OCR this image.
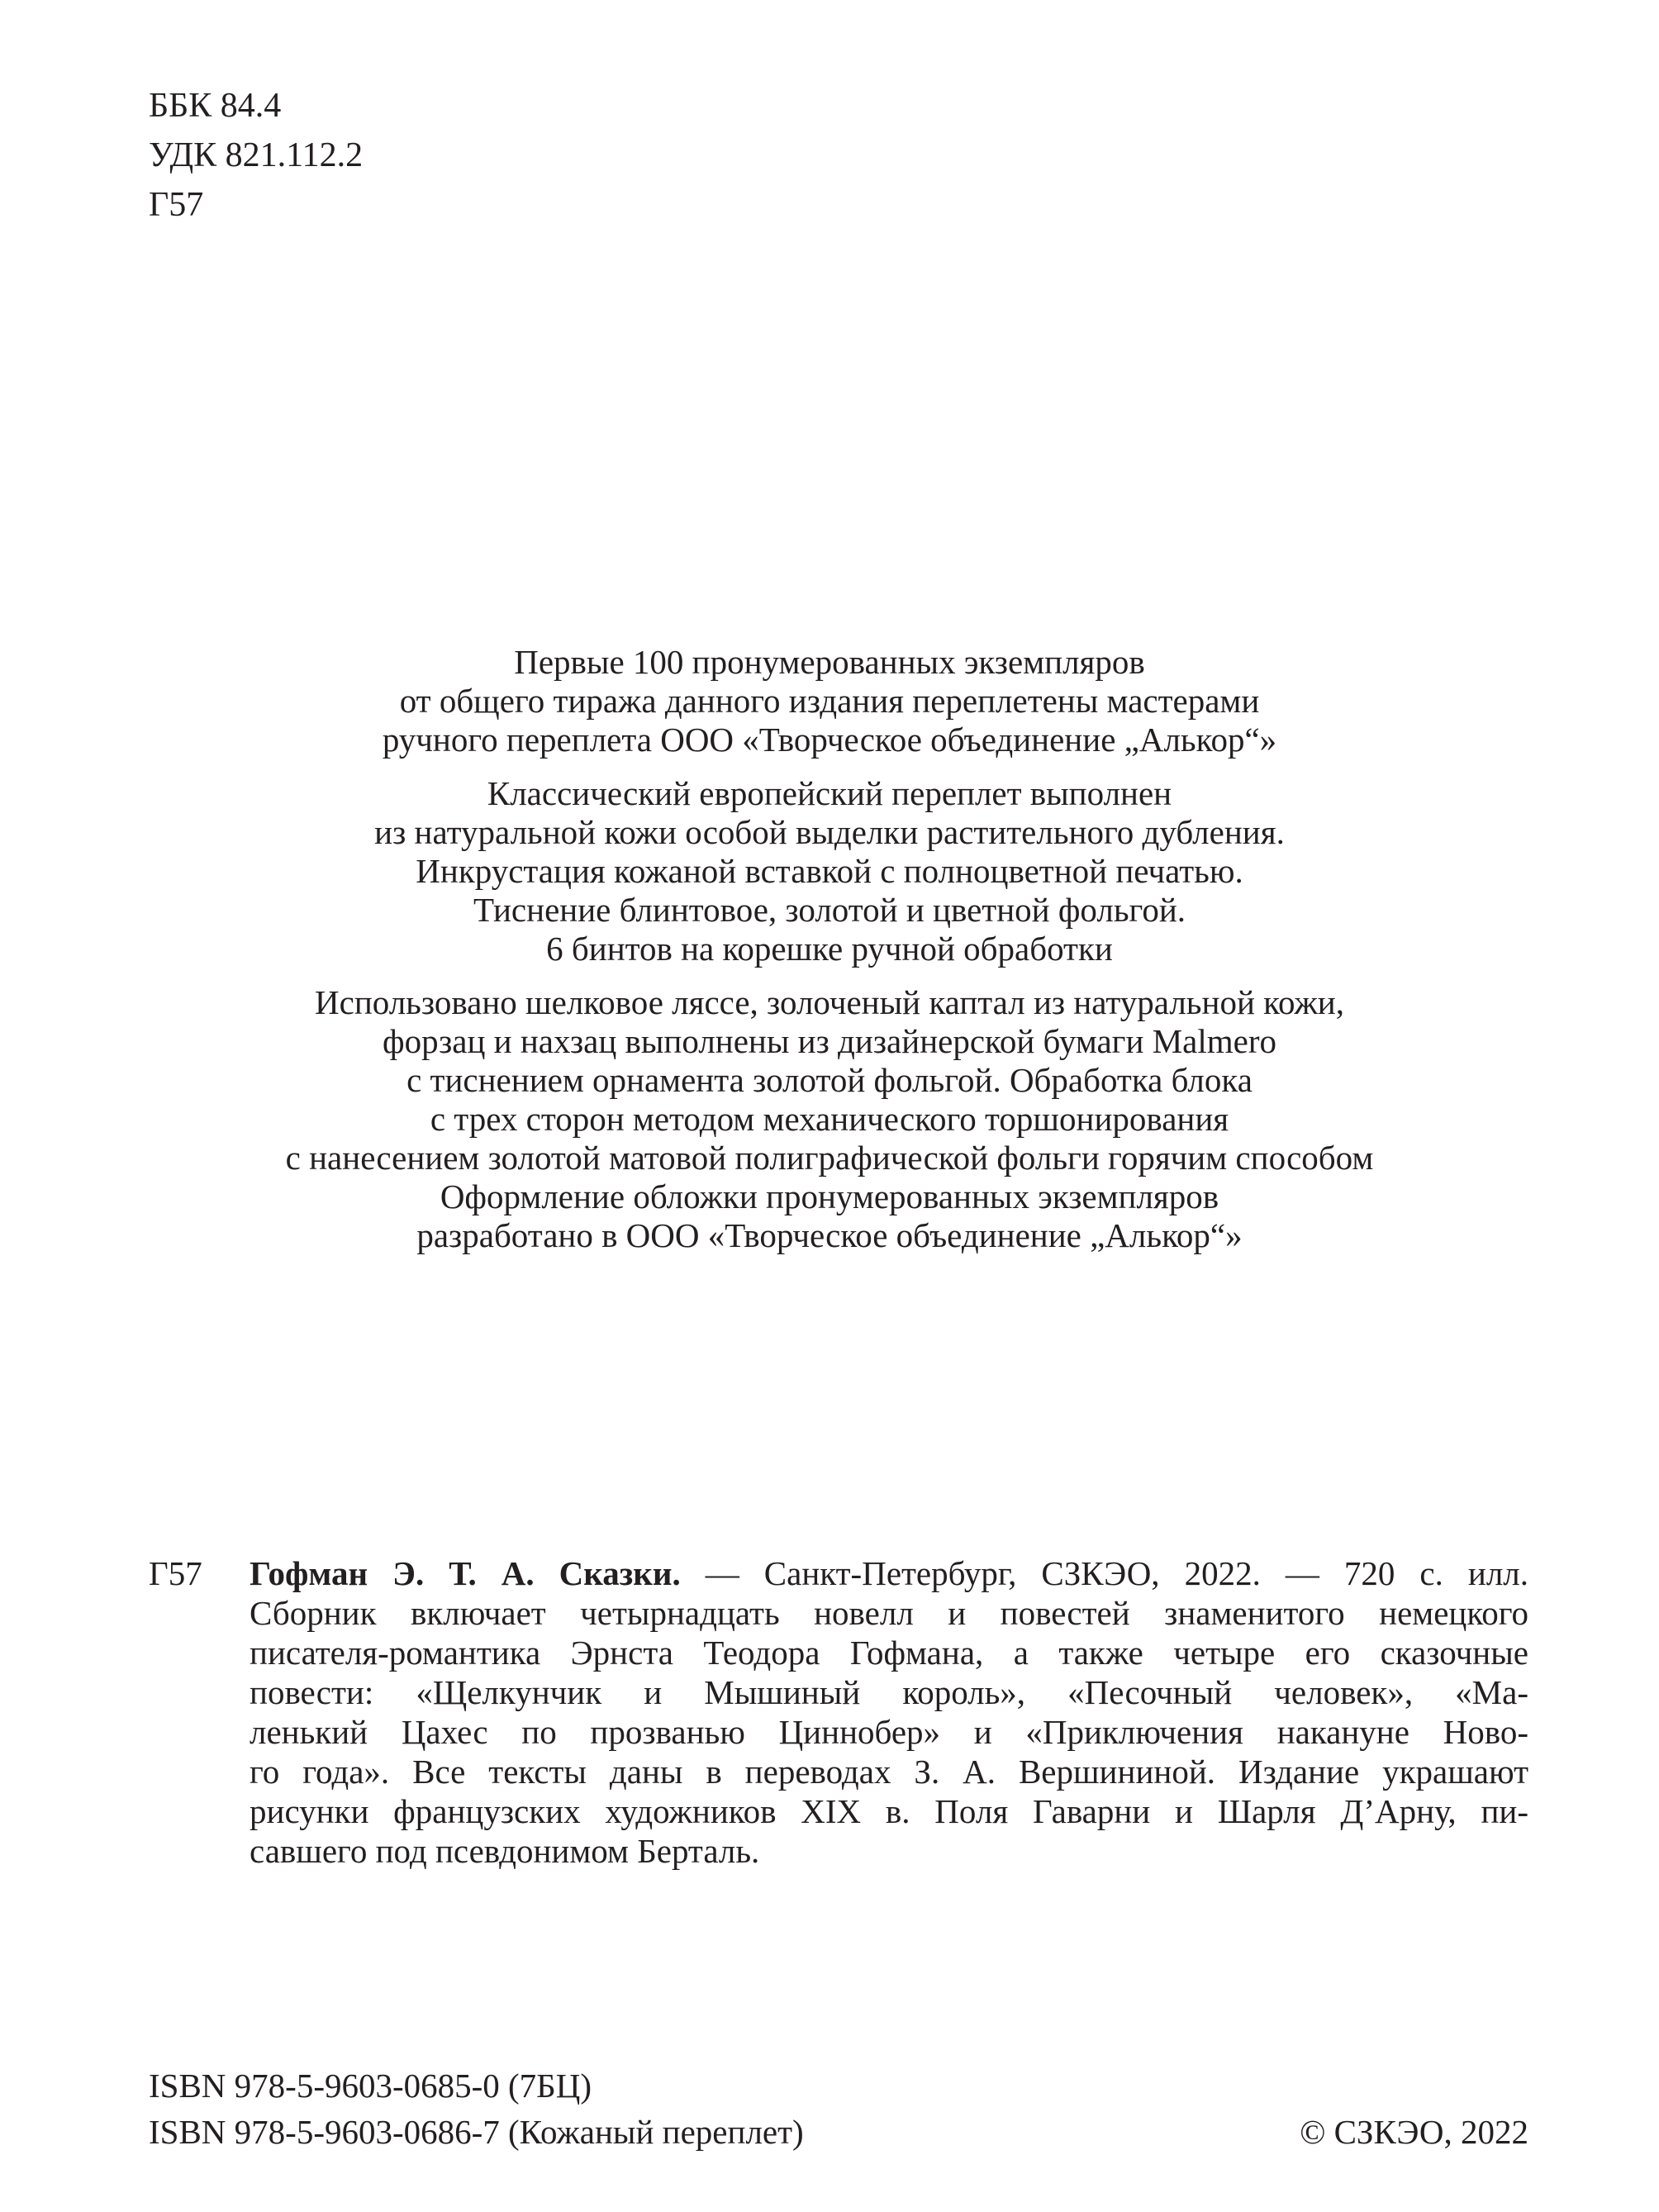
ББК 84.4
УДК 821.112.2
Г57
Первые 100 пронумерованных экземпляров
от общего тиража данного издания переплетены мастерами
ручного переплета ООО «Творческое объединение „Алькор“»
Классический европейский переплет выполнен
из натуральной кожи особой выделки растительного дубления.
Инкрустация кожаной вставкой с полноцветной печатью.
Тиснение блинтовое, золотой и цветной фольгой.
6 бинтов на корешке ручной обработки
Использовано шелковое ляссе, золоченый каптал из натуральной кожи,
форзац и нахзац выполнены из дизайнерской бумаги Malmero
с тиснением орнамента золотой фольгой. Обработка блока
с трех сторон методом механического торшонирования
с нанесением золотой матовой полиграфической фольги горячим способом
Оформление обложки пронумерованных экземпляров
разработано в ООО «Творческое объединение „Алькор“»
Г57 Гофман Э. Т. А. Сказки. — Санкт-Петербург, СЗКЭО, 2022. — 720 с. илл.
Сборник включает четырнадцать новелл и повестей знаменитого немецкого
писателя-романтика Эрнста Теодора Гофмана, а также четыре его сказочные
повести: «Щелкунчик и Мышиный король», «Песочный человек», «Ма-
ленький Цахес по прозванью Циннобер» и «Приключения накануне Ново-
го года». Все тексты даны в переводах З. А. Вершининой. Издание украшают
рисунки французских художников XIX в. Поля Гаварни и Шарля Д’Арну, пи-
савшего под псевдонимом Берталь.
ISBN 978-5-9603-0685-0 (7БЦ)
ISBN 978-5-9603-0686-7 (Кожаный переплет)	© СЗКЭО, 2022
